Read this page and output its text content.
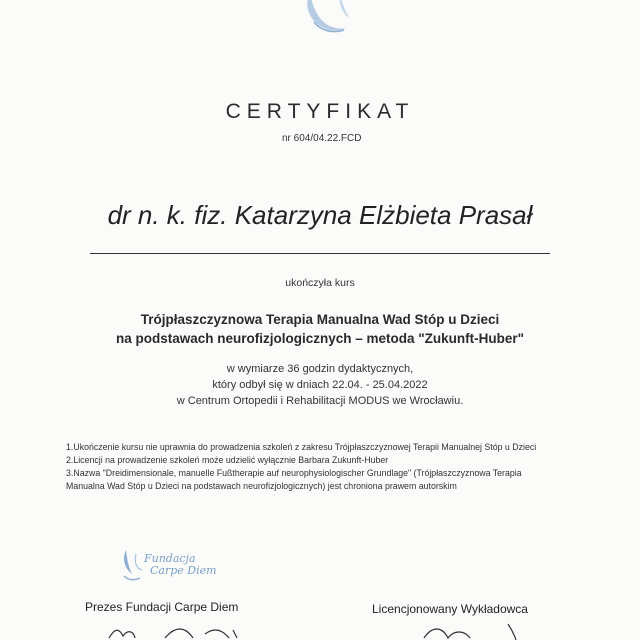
CERTYFIKAT
nr 604/04.22.FCD
dr n. k. fiz. Katarzyna Elżbieta Prasał
ukończyła kurs
Trójpłaszczyznowa Terapia Manualna Wad Stóp u Dzieci
na podstawach neurofizjologicznych – metoda "Zukunft-Huber"
w wymiarze 36 godzin dydaktycznych,
który odbył się w dniach 22.04. - 25.04.2022
w Centrum Ortopedii i Rehabilitacji MODUS we Wrocławiu.
1.Ukończenie kursu nie uprawnia do prowadzenia szkoleń z zakresu Trójpłaszczyznowej Terapii Manualnej Stóp u Dzieci
2.Licencji na prowadzenie szkoleń może udzielić wyłącznie Barbara Zukunft-Huber
3.Nazwa "Dreidimensionale, manuelle Fußtherapie auf neurophysiologischer Grundlage" (Trójpłaszczyznowa Terapia
Manualna Wad Stóp u Dzieci na podstawach neurofizjologicznych) jest chroniona prawem autorskim
Fundacja
Carpe Diem
Prezes Fundacji Carpe Diem	Licencjonowany Wykładowca
